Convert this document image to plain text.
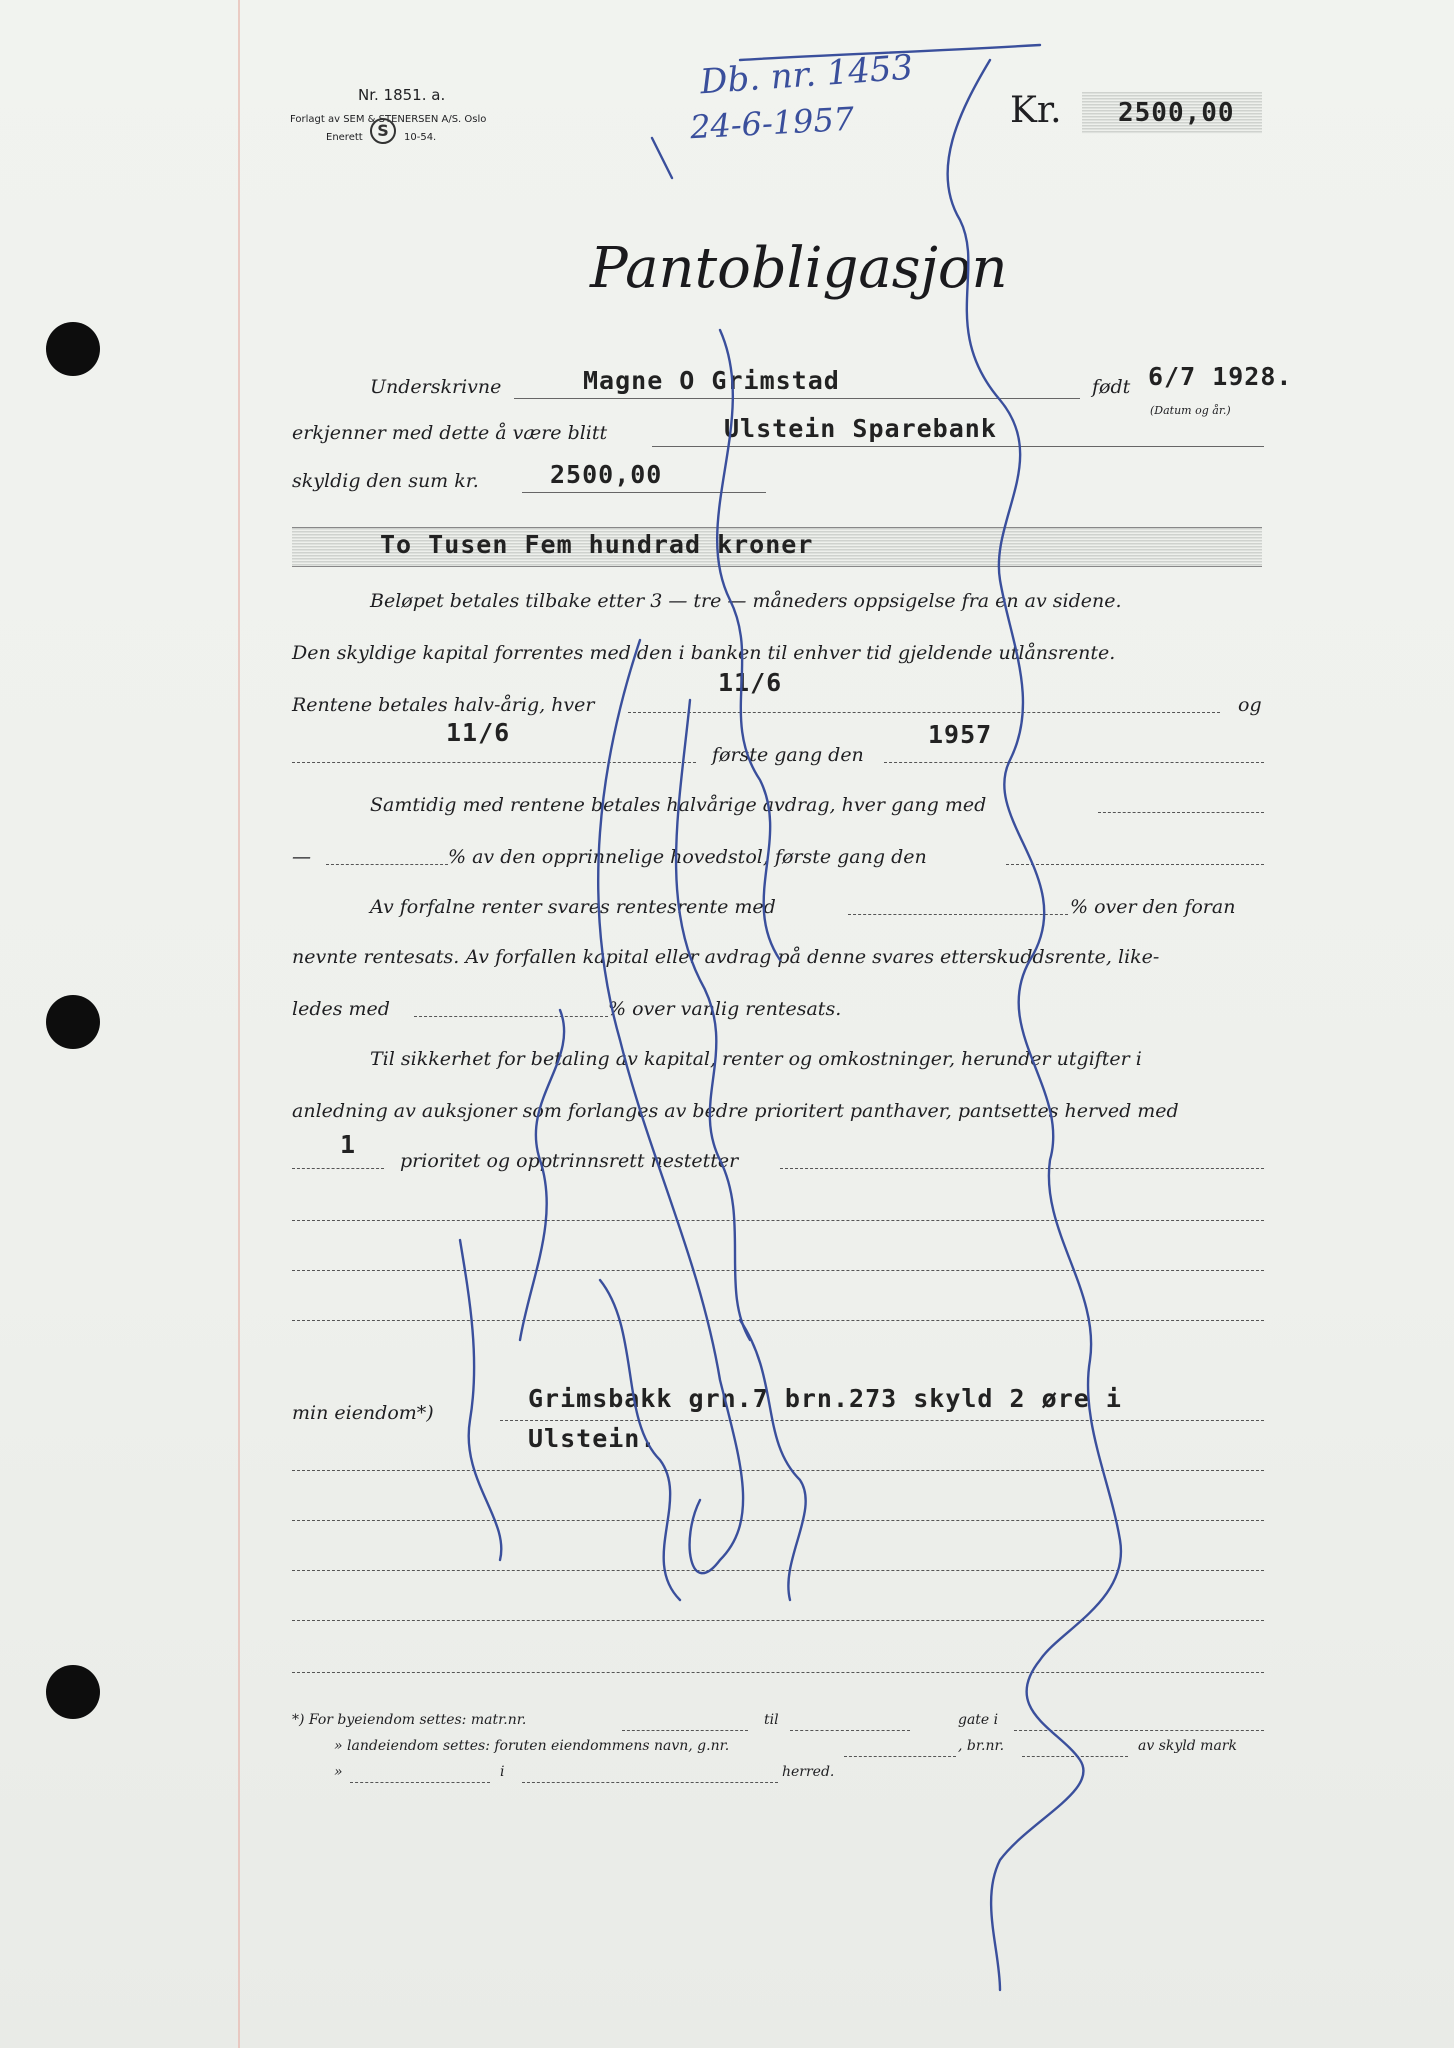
Nr. 1851. a.
Forlagt av SEM & STENERSEN A/S. Oslo
S
Enerett	10-54.
Db. nr. 1453
24-6-1957	Kr. 2500,00
Pantobligasjon
Underskrivne	Magne O Grimstad	født 6/7 1928.
(Datum og år.)
erkjenner med dette å være blitt	Ulstein Sparebank
skyldig den sum kr.	2500,00
To Tusen Fem hundrad kroner
Beløpet betales tilbake etter 3 — tre — måneders oppsigelse fra en av sidene.
Den skyldige kapital forrentes med den i banken til enhver tid gjeldende utlånsrente.
Rentene betales halv-årig, hver
11/6
og
11/6
første gang den
1957
Samtidig med rentene betales halvårige avdrag, hver gang med
—	% av den opprinnelige hovedstol, første gang den
Av forfalne renter svares rentesrente med	% over den foran
nevnte rentesats. Av forfallen kapital eller avdrag på denne svares etterskuddsrente, like-
ledes med	% over vanlig rentesats.
Til sikkerhet for betaling av kapital, renter og omkostninger, herunder utgifter i
anledning av auksjoner som forlanges av bedre prioritert panthaver, pantsettes herved med
1
prioritet og opptrinnsrett nestetter
min eiendom*)	Grimsbakk grn.7 brn.273 skyld 2 øre i
Ulstein.
*) For byeiendom settes: matr.nr.	til	gate i
» landeiendom settes: foruten eiendommens navn, g.nr.	, br.nr.	av skyld mark
»	i	herred.
